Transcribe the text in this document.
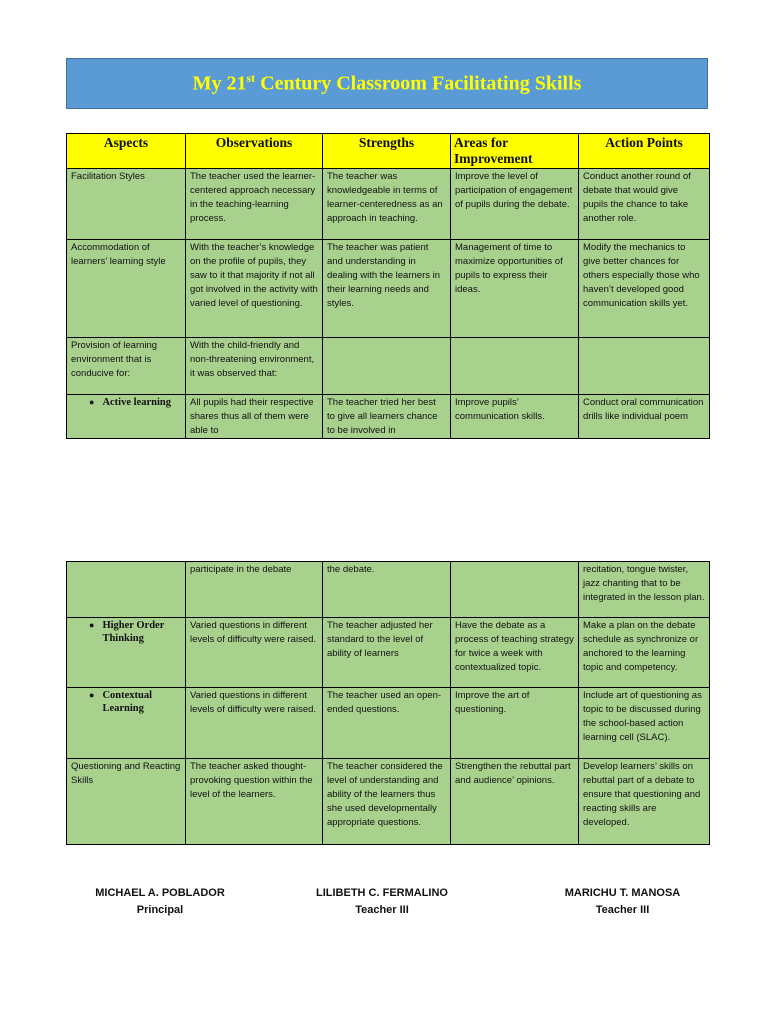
My 21st Century Classroom Facilitating Skills
Aspects	Observations	Strengths	Areas for Improvement	Action Points
Facilitation Styles	The teacher used the learner-centered approach necessary in the teaching-learning process.	The teacher was knowledgeable in terms of learner-centeredness as an approach in teaching.	Improve the level of participation of engagement of pupils during the debate.	Conduct another round of debate that would give pupils the chance to take another role.
Accommodation of learners’ learning style	With the teacher’s knowledge on the profile of pupils, they saw to it that majority if not all got involved in the activity with varied level of questioning.	The teacher was patient and understanding in dealing with the learners in their learning needs and styles.	Management of time to maximize opportunities of pupils to express their ideas.	Modify the mechanics to give better chances for others especially those who haven’t developed good communication skills yet.
Provision of learning environment that is conducive for:	With the child-friendly and non-threatening environment, it was observed that:			

● Active learning	All pupils had their respective shares thus all of them were able to	The teacher tried her best to give all learners chance to be involved in	Improve pupils’ communication skills.	Conduct oral communication drills like individual poem
	participate in the debate	the debate.		recitation, tongue twister, jazz chanting that to be integrated in the lesson plan.

● Higher Order Thinking	Varied questions in different levels of difficulty were raised.	The teacher adjusted her standard to the level of ability of learners	Have the debate as a process of teaching strategy for twice a week with contextualized topic.	Make a plan on the debate schedule as synchronize or anchored to the learning topic and competency.

● Contextual Learning	Varied questions in different levels of difficulty were raised.	The teacher used an open-ended questions.	Improve the art of questioning.	Include art of questioning as topic to be discussed during the school-based action learning cell (SLAC).
Questioning and Reacting Skills	The teacher asked thought- provoking question within the level of the learners.	The teacher considered the level of understanding and ability of the learners thus she used developmentally appropriate questions.	Strengthen the rebuttal part and audience’ opinions.	Develop learners’ skills on rebuttal part of a debate to ensure that questioning and reacting skills are developed.
MICHAEL A. POBLADOR
Principal
LILIBETH C. FERMALINO
Teacher III
MARICHU T. MANOSA
Teacher III
